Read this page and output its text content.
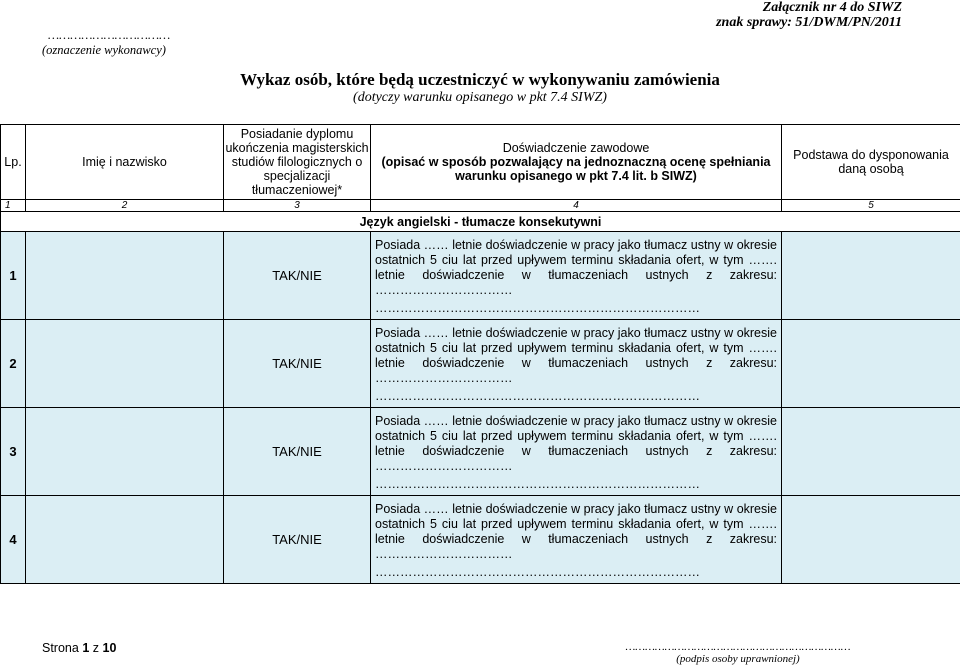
Załącznik nr 4 do SIWZ
znak sprawy: 51/DWM/PN/2011
……………………………
(oznaczenie wykonawcy)
Wykaz osób, które będą uczestniczyć w wykonywaniu zamówienia
(dotyczy warunku opisanego w pkt 7.4 SIWZ)
Lp.	Imię i nazwisko	Posiadanie dyplomu ukończenia magisterskich studiów filologicznych o specjalizacji tłumaczeniowej*	Doświadczenie zawodowe
(opisać w sposób pozwalający na jednoznaczną ocenę spełniania warunku opisanego w pkt 7.4 lit. b SIWZ)	Podstawa do dysponowania daną osobą
1	2	3	4	5
Język angielski - tłumacze konsekutywni				
1		TAK/NIE	Posiada …… letnie doświadczenie w pracy jako tłumacz ustny w okresie ostatnich 5 ciu lat przed upływem terminu składania ofert, w tym ……. letnie doświadczenie w tłumaczeniach ustnych z zakresu: ……………………………
……………………………………………………………………	

2		TAK/NIE	Posiada …… letnie doświadczenie w pracy jako tłumacz ustny w okresie ostatnich 5 ciu lat przed upływem terminu składania ofert, w tym ……. letnie doświadczenie w tłumaczeniach ustnych z zakresu: ……………………………
……………………………………………………………………	

3		TAK/NIE	Posiada …… letnie doświadczenie w pracy jako tłumacz ustny w okresie ostatnich 5 ciu lat przed upływem terminu składania ofert, w tym ……. letnie doświadczenie w tłumaczeniach ustnych z zakresu: ……………………………
……………………………………………………………………	

4		TAK/NIE	Posiada …… letnie doświadczenie w pracy jako tłumacz ustny w okresie ostatnich 5 ciu lat przed upływem terminu składania ofert, w tym ……. letnie doświadczenie w tłumaczeniach ustnych z zakresu: ……………………………
……………………………………………………………………	

Strona 1 z 10	……………………………………………………………
(podpis osoby uprawnionej)
